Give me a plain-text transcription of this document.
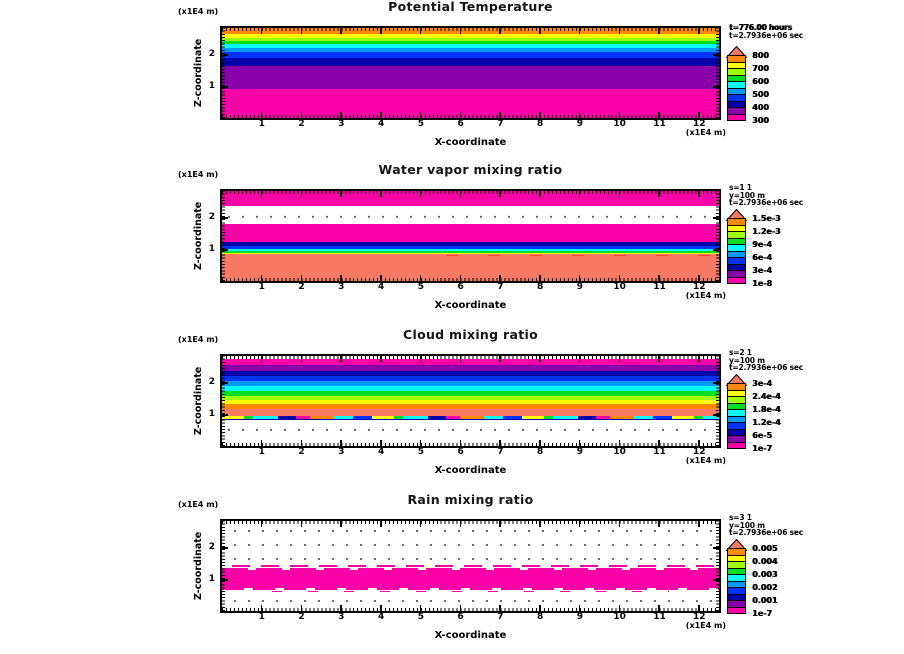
Potential Temperature
(x1E4 m)
Z-coordinate 2
1
1	2	3	4	5	6	7	8	9	10	11	12
(x1E4 m)
X-coordinate
t=776.00 hours
t=2.7936e+06 sec
800
700
600
500
400
300
Water vapor mixing ratio
(x1E4 m)
Z-coordinate 2
1
1	2	3	4	5	6	7	8	9	10	11	12
(x1E4 m)
X-coordinate
s=1 1
y=100 m
t=2.7936e+06 sec
1.5e-3
1.2e-3
9e-4
6e-4
3e-4
1e-8
Cloud mixing ratio
(x1E4 m)
Z-coordinate 2
1
1	2	3	4	5	6	7	8	9	10	11	12
(x1E4 m)
X-coordinate
s=2 1
y=100 m
t=2.7936e+06 sec
3e-4
2.4e-4
1.8e-4
1.2e-4
6e-5
1e-7
Rain mixing ratio
(x1E4 m)
Z-coordinate 2
1
1	2	3	4	5	6	7	8	9	10	11	12
(x1E4 m)
X-coordinate
s=3 1
y=100 m
t=2.7936e+06 sec
0.005
0.004
0.003
0.002
0.001
1e-7
